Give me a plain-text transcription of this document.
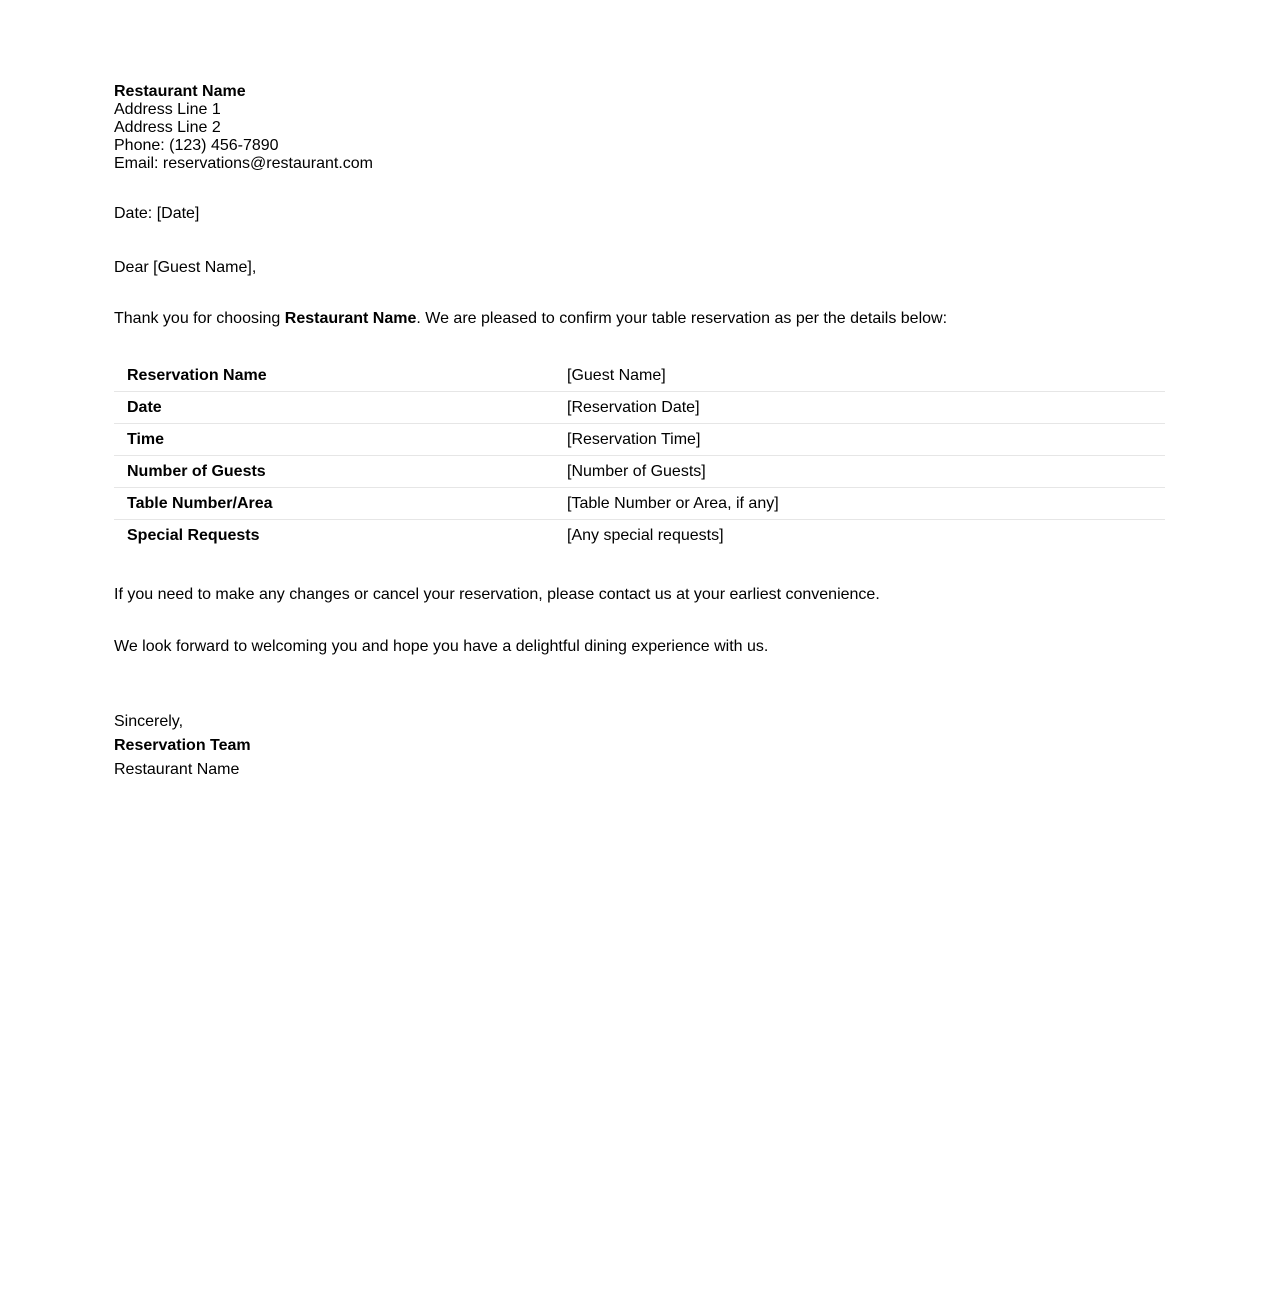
Restaurant Name
Address Line 1
Address Line 2
Phone: (123) 456-7890
Email: reservations@restaurant.com
Date: [Date]
Dear [Guest Name],
Thank you for choosing Restaurant Name. We are pleased to confirm your table reservation as per the details below:
Reservation Name	[Guest Name]
Date	[Reservation Date]
Time	[Reservation Time]
Number of Guests	[Number of Guests]
Table Number/Area	[Table Number or Area, if any]
Special Requests	[Any special requests]
If you need to make any changes or cancel your reservation, please contact us at your earliest convenience.
We look forward to welcoming you and hope you have a delightful dining experience with us.
Sincerely,
Reservation Team
Restaurant Name
